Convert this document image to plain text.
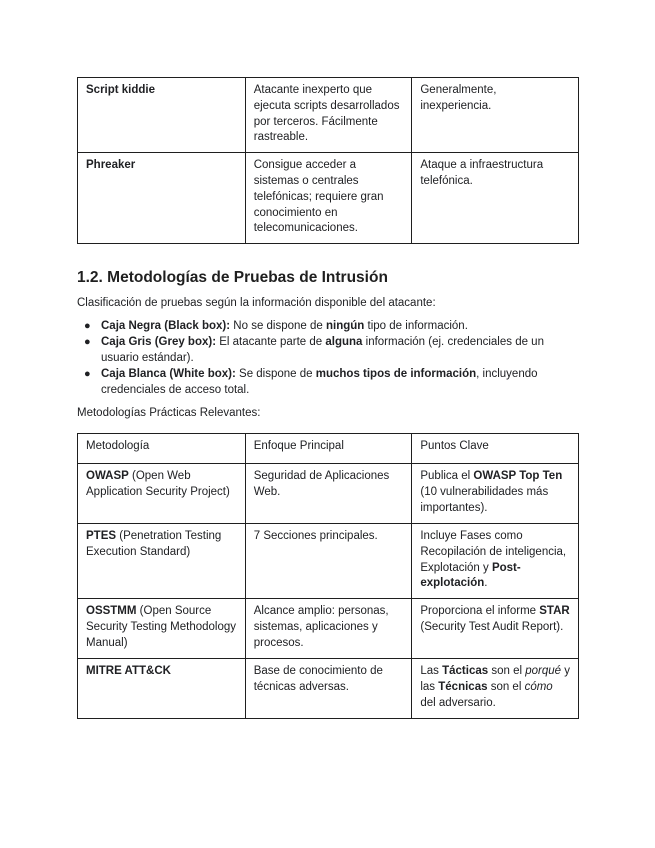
Script kiddie	Atacante inexperto que ejecuta scripts desarrollados por terceros. Fácilmente rastreable.	Generalmente, inexperiencia.
Phreaker	Consigue acceder a sistemas o centrales telefónicas; requiere gran conocimiento en telecomunicaciones.	Ataque a infraestructura telefónica.
1.2. Metodologías de Pruebas de Intrusión

Clasificación de pruebas según la información disponible del atacante:

● Caja Negra (Black box): No se dispone de ningún tipo de información.
● Caja Gris (Grey box): El atacante parte de alguna información (ej. credenciales de un usuario estándar).
● Caja Blanca (White box): Se dispone de muchos tipos de información, incluyendo credenciales de acceso total.

Metodologías Prácticas Relevantes:

Metodología	Enfoque Principal	Puntos Clave
OWASP (Open Web Application Security Project)	Seguridad de Aplicaciones Web.	Publica el OWASP Top Ten (10 vulnerabilidades más importantes).
PTES (Penetration Testing Execution Standard)	7 Secciones principales.	Incluye Fases como Recopilación de inteligencia, Explotación y Post-explotación.
OSSTMM (Open Source Security Testing Methodology Manual)	Alcance amplio: personas, sistemas, aplicaciones y procesos.	Proporciona el informe STAR (Security Test Audit Report).
MITRE ATT&CK	Base de conocimiento de técnicas adversas.	Las Tácticas son el porqué y las Técnicas son el cómo del adversario.
